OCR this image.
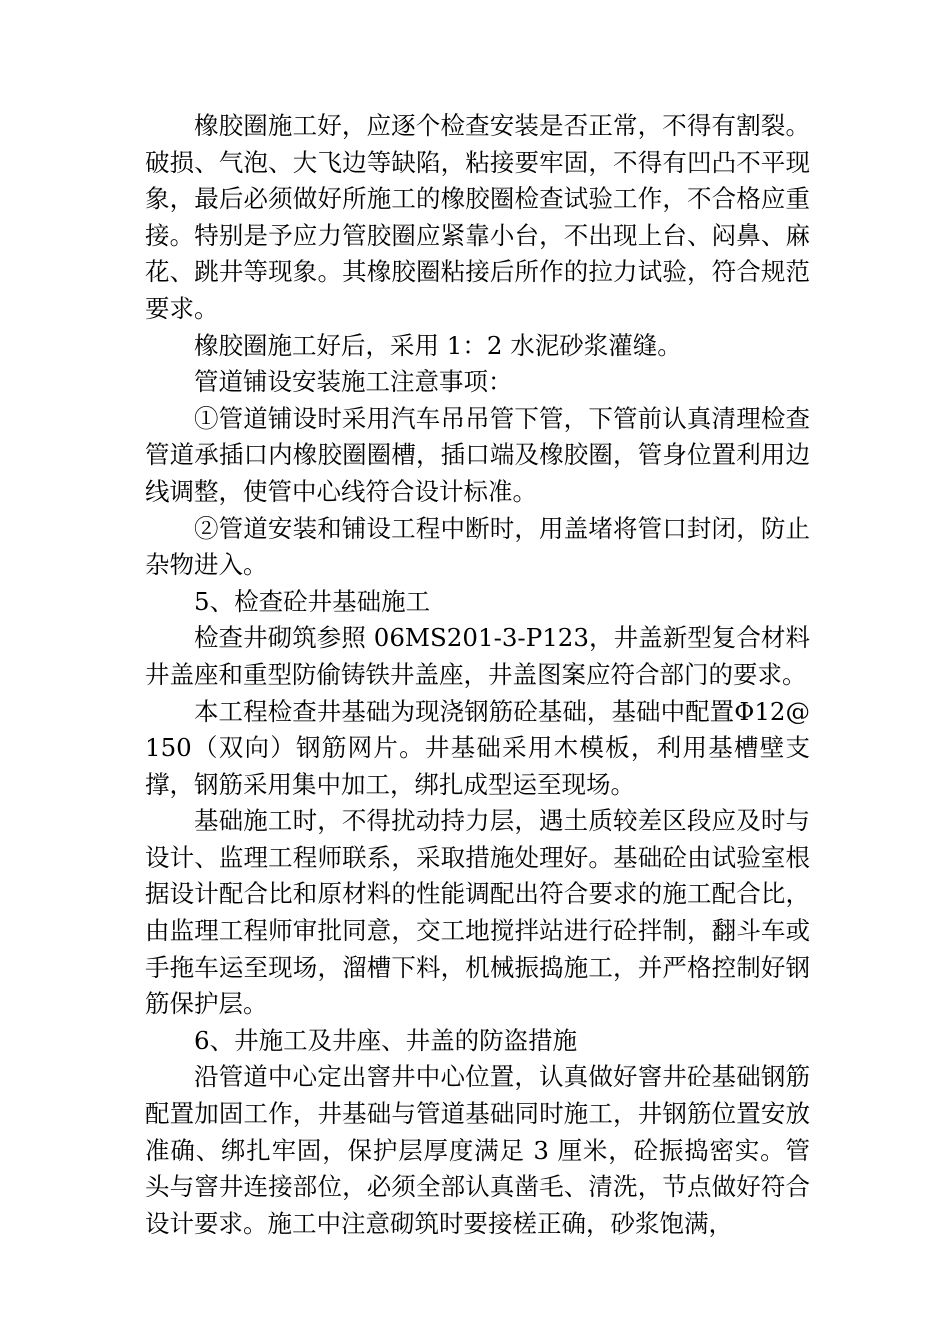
橡胶圈施工好，应逐个检查安装是否正常，不得有割裂。破损、气泡、大飞边等缺陷，粘接要牢固，不得有凹凸不平现象，最后必须做好所施工的橡胶圈检查试验工作，不合格应重接。特别是予应力管胶圈应紧靠小台，不出现上台、闷鼻、麻花、跳井等现象。其橡胶圈粘接后所作的拉力试验，符合规范要求。

橡胶圈施工好后，采用 1：2 水泥砂浆灌缝。

管道铺设安装施工注意事项：

①管道铺设时采用汽车吊吊管下管，下管前认真清理检查管道承插口内橡胶圈圈槽，插口端及橡胶圈，管身位置利用边线调整，使管中心线符合设计标准。

②管道安装和铺设工程中断时，用盖堵将管口封闭，防止杂物进入。

5、检查砼井基础施工

检查井砌筑参照 06MS201-3-P123，井盖新型复合材料井盖座和重型防偷铸铁井盖座，井盖图案应符合部门的要求。

本工程检查井基础为现浇钢筋砼基础，基础中配置Φ12@150（双向）钢筋网片。井基础采用木模板，利用基槽壁支撑，钢筋采用集中加工，绑扎成型运至现场。

基础施工时，不得扰动持力层，遇土质较差区段应及时与设计、监理工程师联系，采取措施处理好。基础砼由试验室根据设计配合比和原材料的性能调配出符合要求的施工配合比，由监理工程师审批同意，交工地搅拌站进行砼拌制，翻斗车或手拖车运至现场，溜槽下料，机械振捣施工，并严格控制好钢筋保护层。

6、井施工及井座、井盖的防盗措施

沿管道中心定出窨井中心位置，认真做好窨井砼基础钢筋配置加固工作，井基础与管道基础同时施工，井钢筋位置安放准确、绑扎牢固，保护层厚度满足 3 厘米，砼振捣密实。管头与窨井连接部位，必须全部认真凿毛、清洗，节点做好符合设计要求。施工中注意砌筑时要接槎正确，砂浆饱满，
